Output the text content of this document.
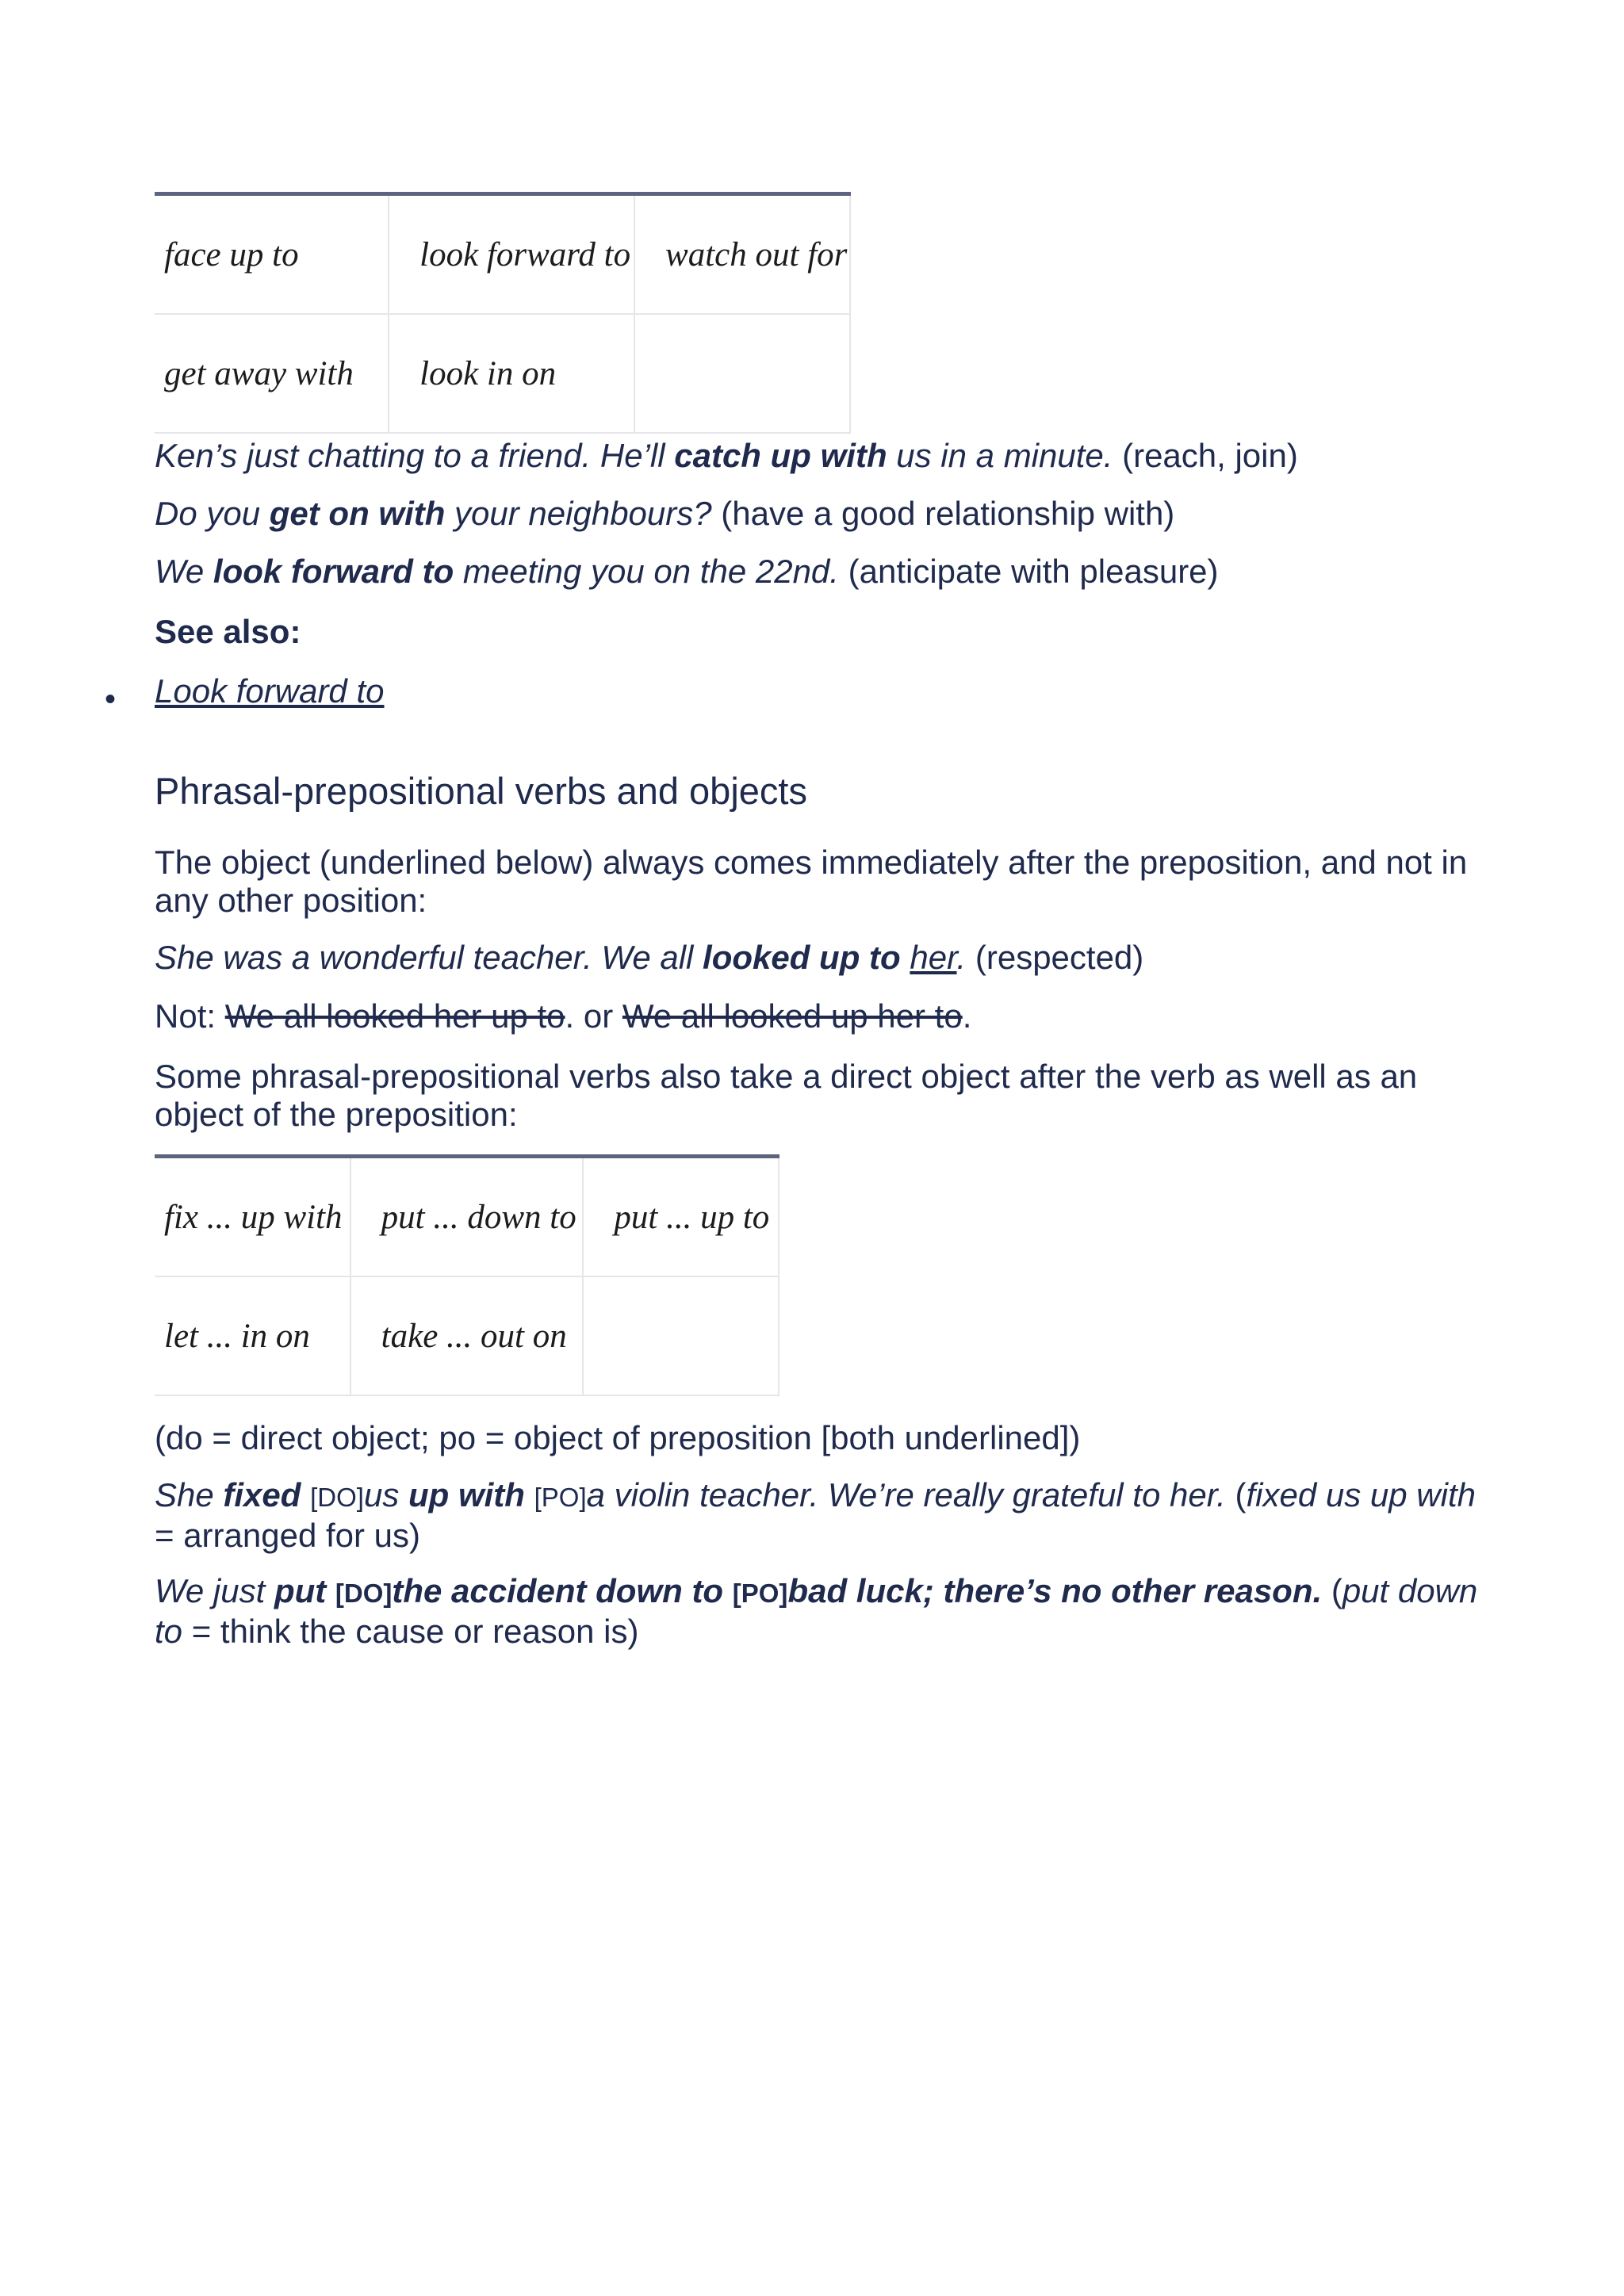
face up to	look forward to	watch out for
get away with	look in on	
Ken’s just chatting to a friend. He’ll catch up with us in a minute. (reach, join)
Do you get on with your neighbours? (have a good relationship with)
We look forward to meeting you on the 22nd. (anticipate with pleasure)
See also:
• Look forward to
Phrasal-prepositional verbs and objects
The object (underlined below) always comes immediately after the preposition, and not in any other position:
She was a wonderful teacher. We all looked up to her. (respected)
Not: We all looked her up to. or We all looked up her to.
Some phrasal-prepositional verbs also take a direct object after the verb as well as an object of the preposition:
fix ... up with	put ... down to	put ... up to
let ... in on	take ... out on	
(do = direct object; po = object of preposition [both underlined])
She fixed [DO]us up with [PO]a violin teacher. We’re really grateful to her. (fixed us up with = arranged for us)
We just put [DO]the accident down to [PO]bad luck; there’s no other reason. (put down to = think the cause or reason is)
